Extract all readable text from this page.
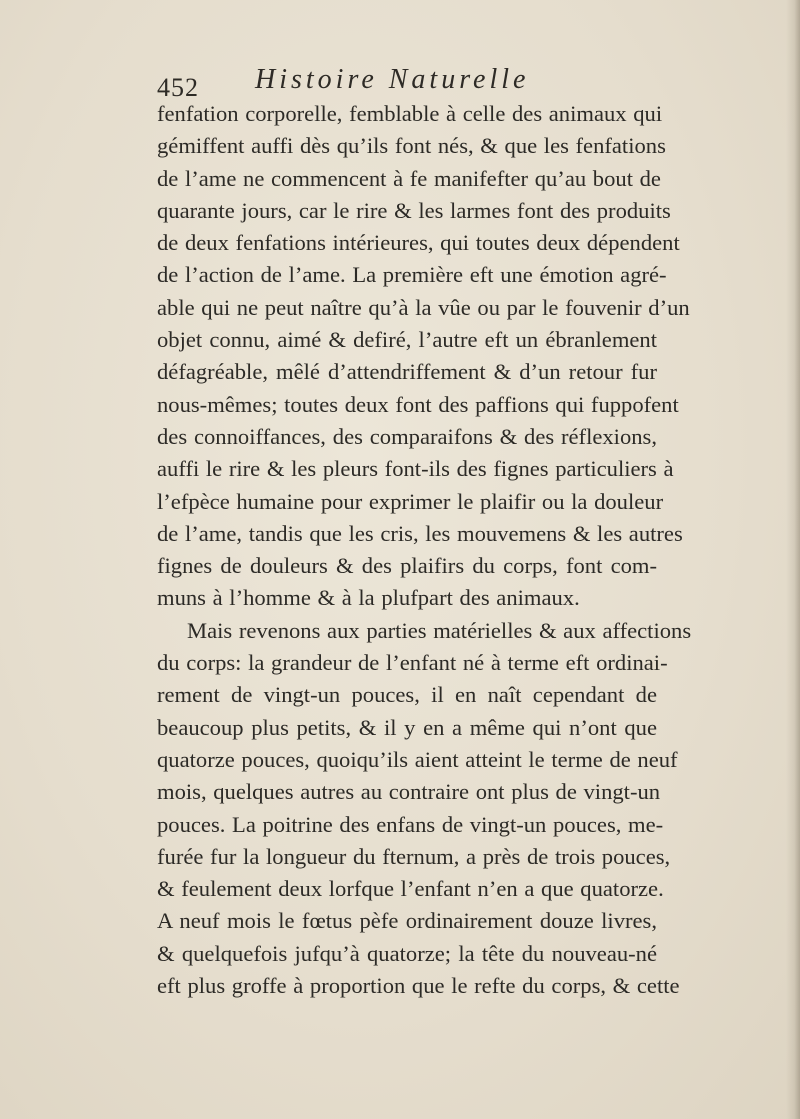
452 Histoire Naturelle
fenfation corporelle, femblable à celle des animaux qui
gémiffent auffi dès qu’ils font nés, & que les fenfations
de l’ame ne commencent à fe manifefter qu’au bout de
quarante jours, car le rire & les larmes font des produits
de deux fenfations intérieures, qui toutes deux dépendent
de l’action de l’ame. La première eft une émotion agré-
able qui ne peut naître qu’à la vûe ou par le fouvenir d’un
objet connu, aimé & defiré, l’autre eft un ébranlement
défagréable, mêlé d’attendriffement & d’un retour fur
nous-mêmes; toutes deux font des paffions qui fuppofent
des connoiffances, des comparaifons & des réflexions,
auffi le rire & les pleurs font-ils des fignes particuliers à
l’efpèce humaine pour exprimer le plaifir ou la douleur
de l’ame, tandis que les cris, les mouvemens & les autres
fignes de douleurs & des plaifirs du corps, font com-
muns à l’homme & à la plufpart des animaux.
Mais revenons aux parties matérielles & aux affections
du corps: la grandeur de l’enfant né à terme eft ordinai-
rement de vingt-un pouces, il en naît cependant de
beaucoup plus petits, & il y en a même qui n’ont que
quatorze pouces, quoiqu’ils aient atteint le terme de neuf
mois, quelques autres au contraire ont plus de vingt-un
pouces. La poitrine des enfans de vingt-un pouces, me-
furée fur la longueur du fternum, a près de trois pouces,
& feulement deux lorfque l’enfant n’en a que quatorze.
A neuf mois le fœtus pèfe ordinairement douze livres,
& quelquefois jufqu’à quatorze; la tête du nouveau-né
eft plus groffe à proportion que le refte du corps, & cette
